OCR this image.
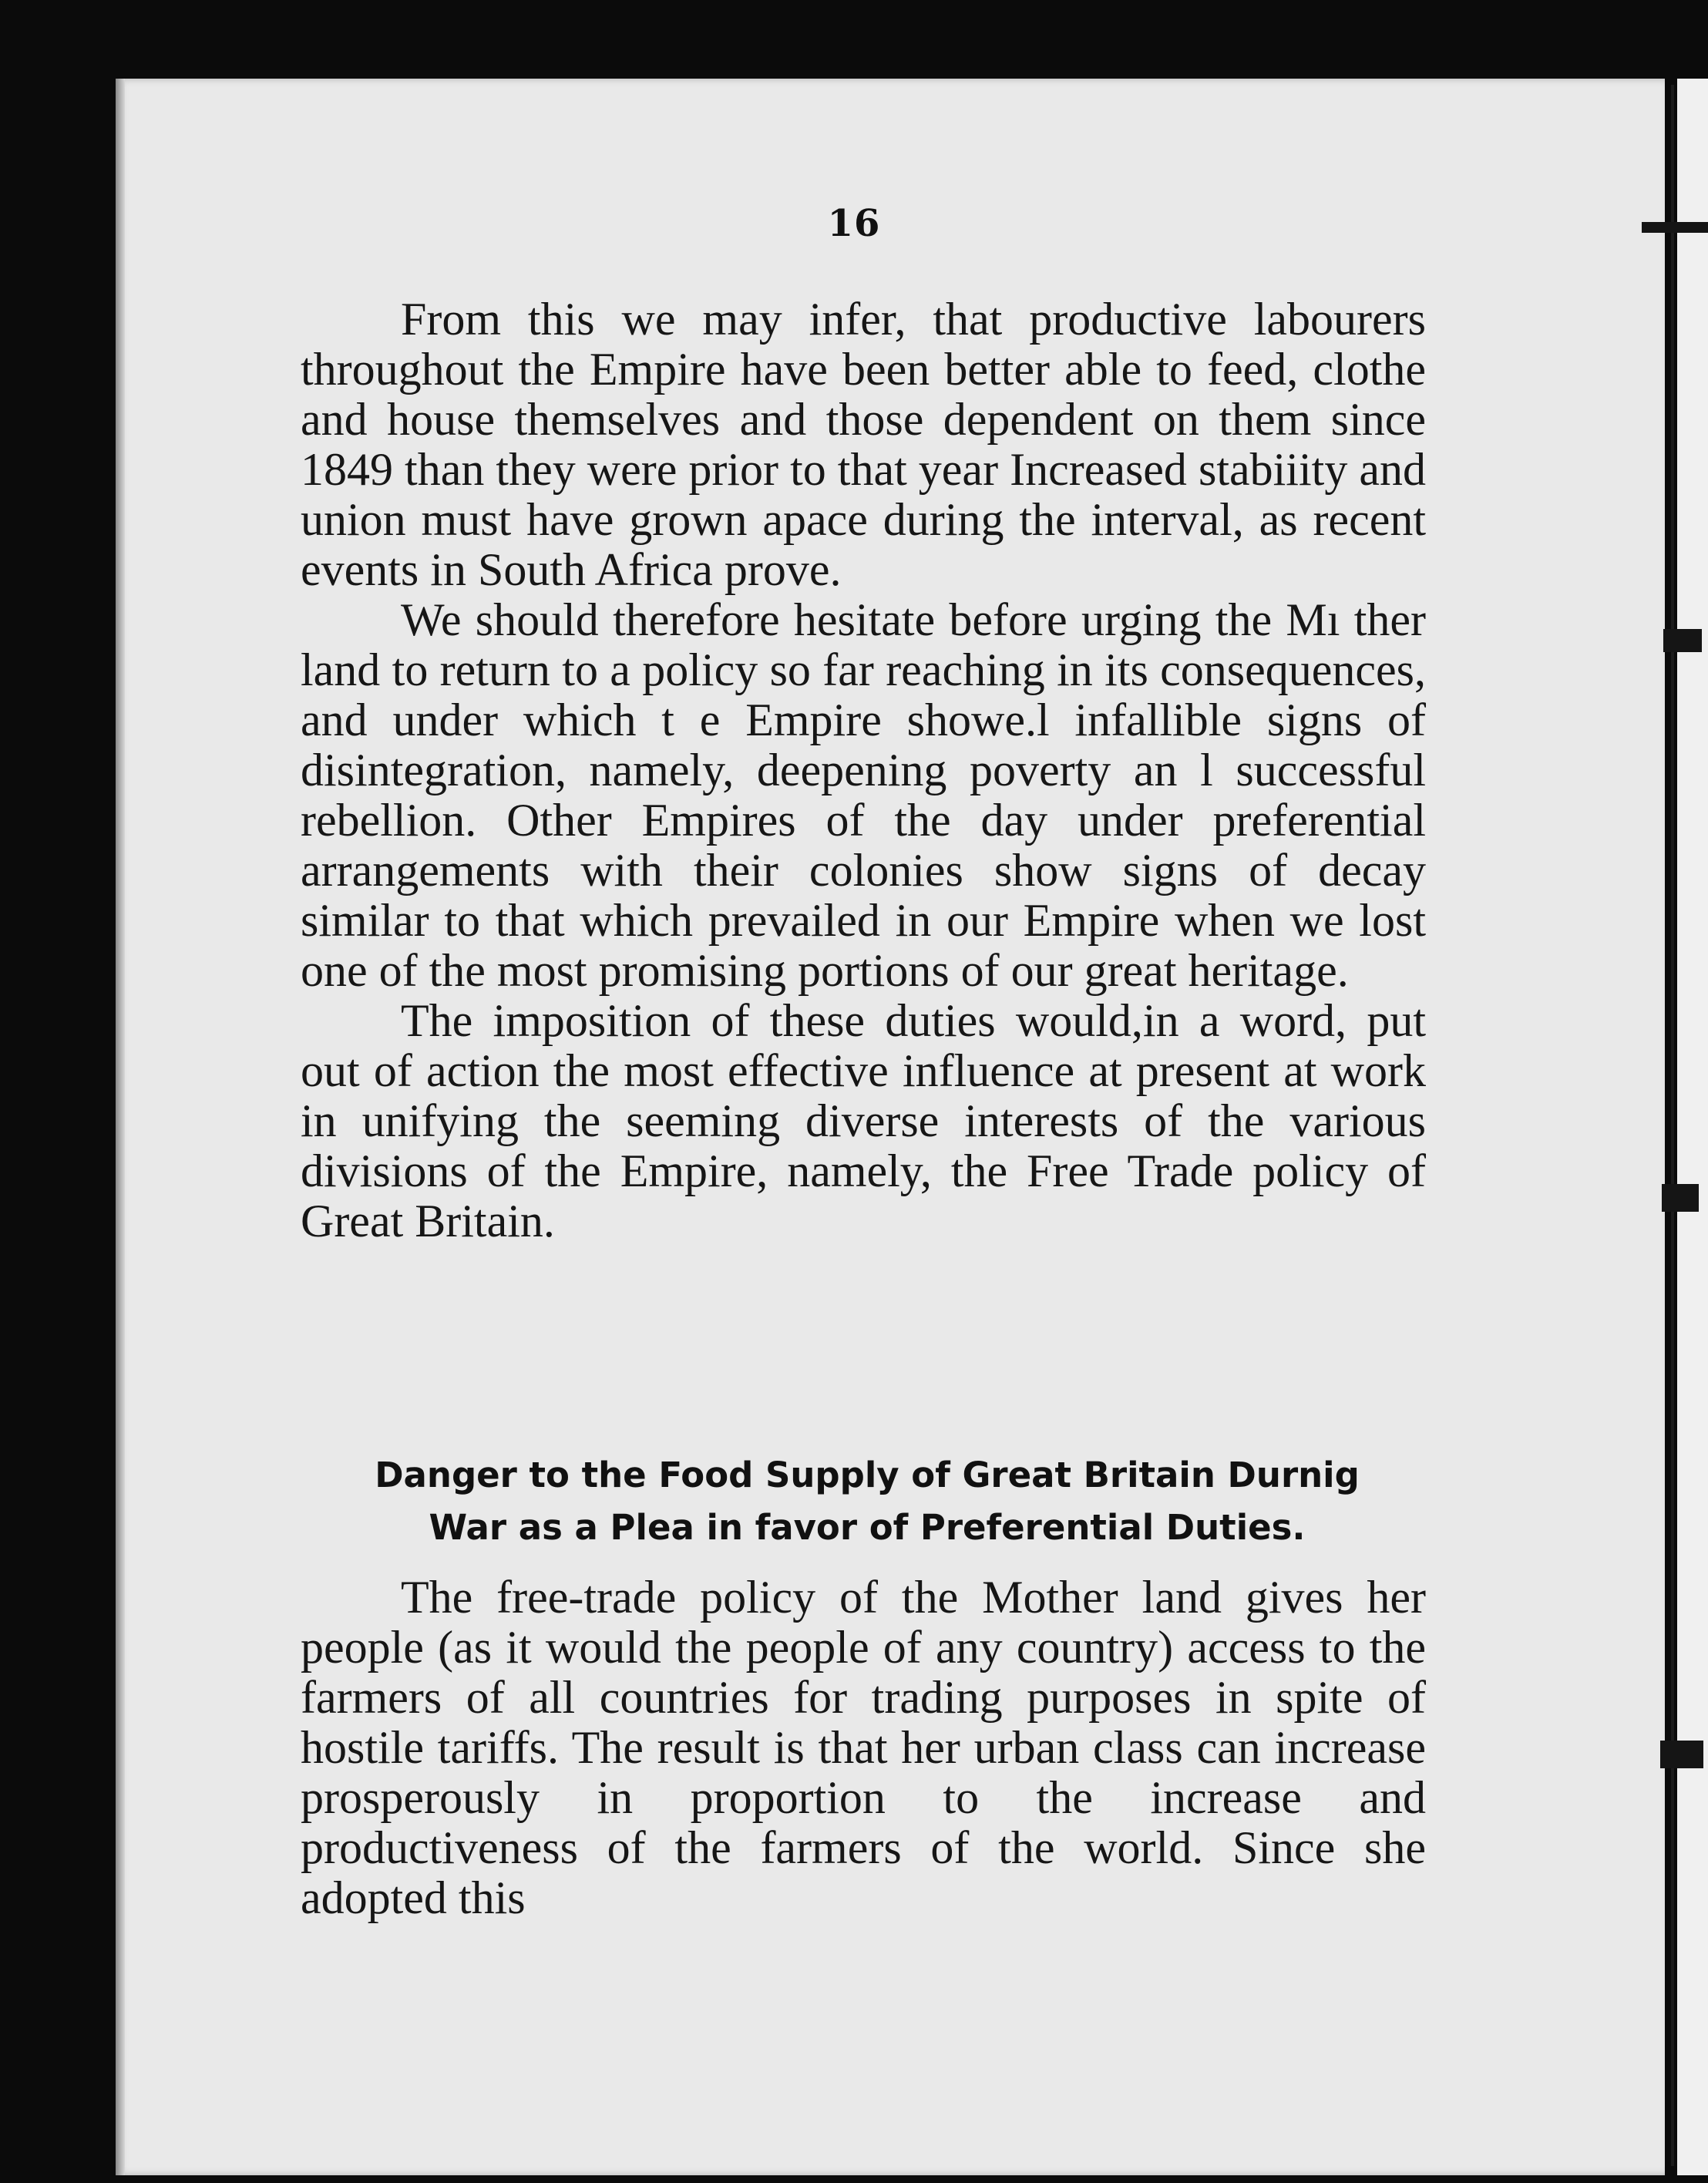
16

From this we may infer, that productive labourers throughout the Empire have been better able to feed, clothe and house themselves and those dependent on them since 1849 than they were prior to that year Increased stabiiity and union must have grown apace during the interval, as recent events in South Africa prove.

We should therefore hesitate before urging the Mı ther land to return to a policy so far reaching in its consequences, and under which t e Empire showe.l infallible signs of disintegration, namely, deepening poverty an l successful rebellion. Other Empires of the day under preferential arrangements with their colonies show signs of decay similar to that which prevailed in our Empire when we lost one of the most promising portions of our great heritage.

The imposition of these duties would,in a word, put out of action the most effective influence at present at work in unifying the seeming diverse interests of the various divisions of the Empire, namely, the Free Trade policy of Great Britain.

Danger to the Food Supply of Great Britain Durnig
War as a Plea in favor of Preferential Duties.

The free-trade policy of the Mother land gives her people (as it would the people of any country) access to the farmers of all countries for trading purposes in spite of hostile tariffs. The result is that her urban class can increase prosperously in proportion to the increase and productiveness of the farmers of the world. Since she adopted this
